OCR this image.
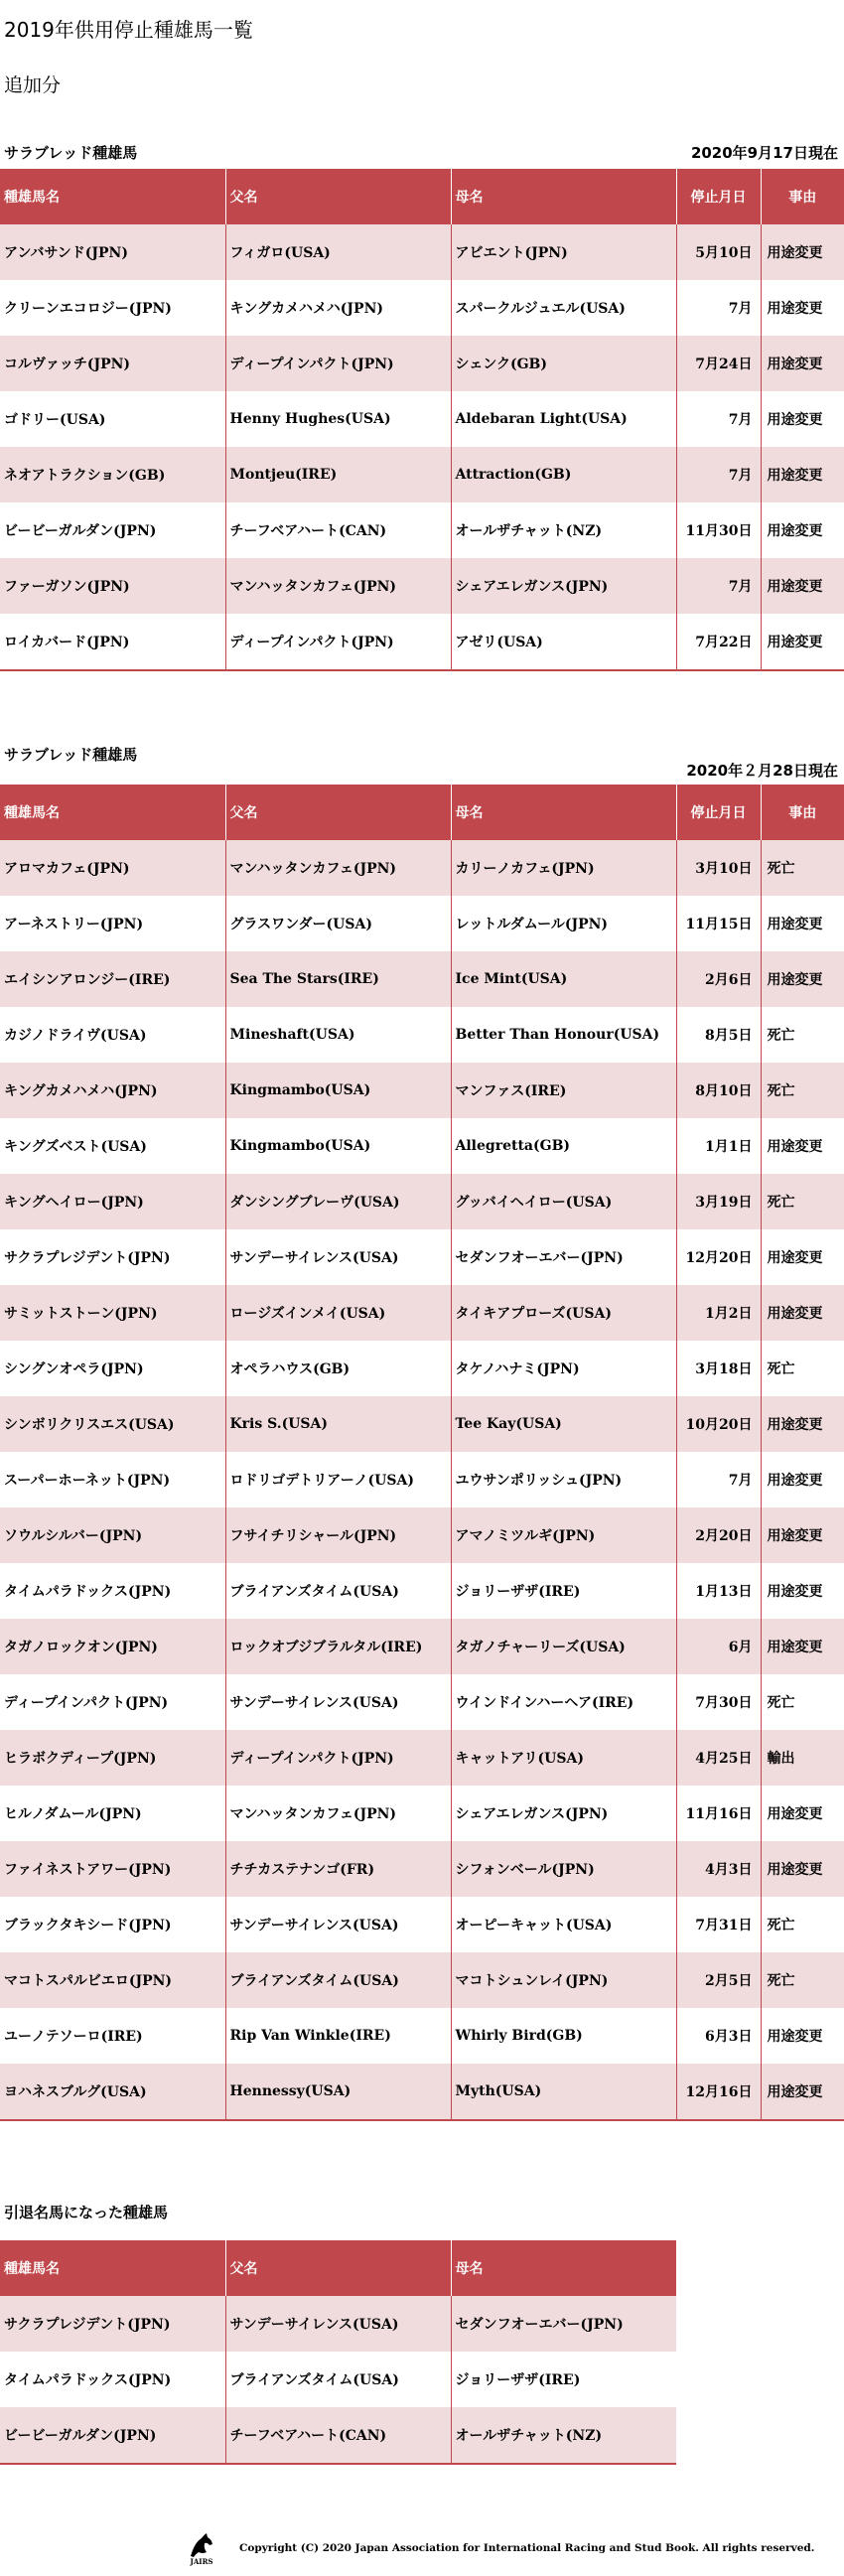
2019年供用停止種雄馬一覧
追加分
サラブレッド種雄馬	2020年9月17日現在
種雄馬名	父名	母名	停止月日	事由
アンバサンド(JPN)	フィガロ(USA)	アビエント(JPN)	5月10日	用途変更
クリーンエコロジー(JPN)	キングカメハメハ(JPN)	スパークルジュエル(USA)	7月	用途変更
コルヴァッチ(JPN)	ディープインパクト(JPN)	シェンク(GB)	7月24日	用途変更
ゴドリー(USA)	Henny Hughes(USA)	Aldebaran Light(USA)	7月	用途変更
ネオアトラクション(GB)	Montjeu(IRE)	Attraction(GB)	7月	用途変更
ビービーガルダン(JPN)	チーフベアハート(CAN)	オールザチャット(NZ)	11月30日	用途変更
ファーガソン(JPN)	マンハッタンカフェ(JPN)	シェアエレガンス(JPN)	7月	用途変更
ロイカバード(JPN)	ディープインパクト(JPN)	アゼリ(USA)	7月22日	用途変更
サラブレッド種雄馬
2020年２月28日現在
種雄馬名	父名	母名	停止月日	事由
アロマカフェ(JPN)	マンハッタンカフェ(JPN)	カリーノカフェ(JPN)	3月10日	死亡
アーネストリー(JPN)	グラスワンダー(USA)	レットルダムール(JPN)	11月15日	用途変更
エイシンアロンジー(IRE)	Sea The Stars(IRE)	Ice Mint(USA)	2月6日	用途変更
カジノドライヴ(USA)	Mineshaft(USA)	Better Than Honour(USA)	8月5日	死亡
キングカメハメハ(JPN)	Kingmambo(USA)	マンファス(IRE)	8月10日	死亡
キングズベスト(USA)	Kingmambo(USA)	Allegretta(GB)	1月1日	用途変更
キングヘイロー(JPN)	ダンシングブレーヴ(USA)	グッバイヘイロー(USA)	3月19日	死亡
サクラプレジデント(JPN)	サンデーサイレンス(USA)	セダンフオーエバー(JPN)	12月20日	用途変更
サミットストーン(JPN)	ロージズインメイ(USA)	タイキアプローズ(USA)	1月2日	用途変更
シングンオペラ(JPN)	オペラハウス(GB)	タケノハナミ(JPN)	3月18日	死亡
シンボリクリスエス(USA)	Kris S.(USA)	Tee Kay(USA)	10月20日	用途変更
スーパーホーネット(JPN)	ロドリゴデトリアーノ(USA)	ユウサンポリッシュ(JPN)	7月	用途変更
ソウルシルバー(JPN)	フサイチリシャール(JPN)	アマノミツルギ(JPN)	2月20日	用途変更
タイムパラドックス(JPN)	ブライアンズタイム(USA)	ジョリーザザ(IRE)	1月13日	用途変更
タガノロックオン(JPN)	ロックオブジブラルタル(IRE)	タガノチャーリーズ(USA)	6月	用途変更
ディープインパクト(JPN)	サンデーサイレンス(USA)	ウインドインハーヘア(IRE)	7月30日	死亡
ヒラボクディープ(JPN)	ディープインパクト(JPN)	キャットアリ(USA)	4月25日	輸出
ヒルノダムール(JPN)	マンハッタンカフェ(JPN)	シェアエレガンス(JPN)	11月16日	用途変更
ファイネストアワー(JPN)	チチカステナンゴ(FR)	シフォンベール(JPN)	4月3日	用途変更
ブラックタキシード(JPN)	サンデーサイレンス(USA)	オーピーキャット(USA)	7月31日	死亡
マコトスパルビエロ(JPN)	ブライアンズタイム(USA)	マコトシュンレイ(JPN)	2月5日	死亡
ユーノテソーロ(IRE)	Rip Van Winkle(IRE)	Whirly Bird(GB)	6月3日	用途変更
ヨハネスブルグ(USA)	Hennessy(USA)	Myth(USA)	12月16日	用途変更
引退名馬になった種雄馬
種雄馬名	父名	母名
サクラプレジデント(JPN)	サンデーサイレンス(USA)	セダンフオーエバー(JPN)
タイムパラドックス(JPN)	ブライアンズタイム(USA)	ジョリーザザ(IRE)
ビービーガルダン(JPN)	チーフベアハート(CAN)	オールザチャット(NZ)
JAIRS
Copyright (C) 2020 Japan Association for International Racing and Stud Book. All rights reserved.
